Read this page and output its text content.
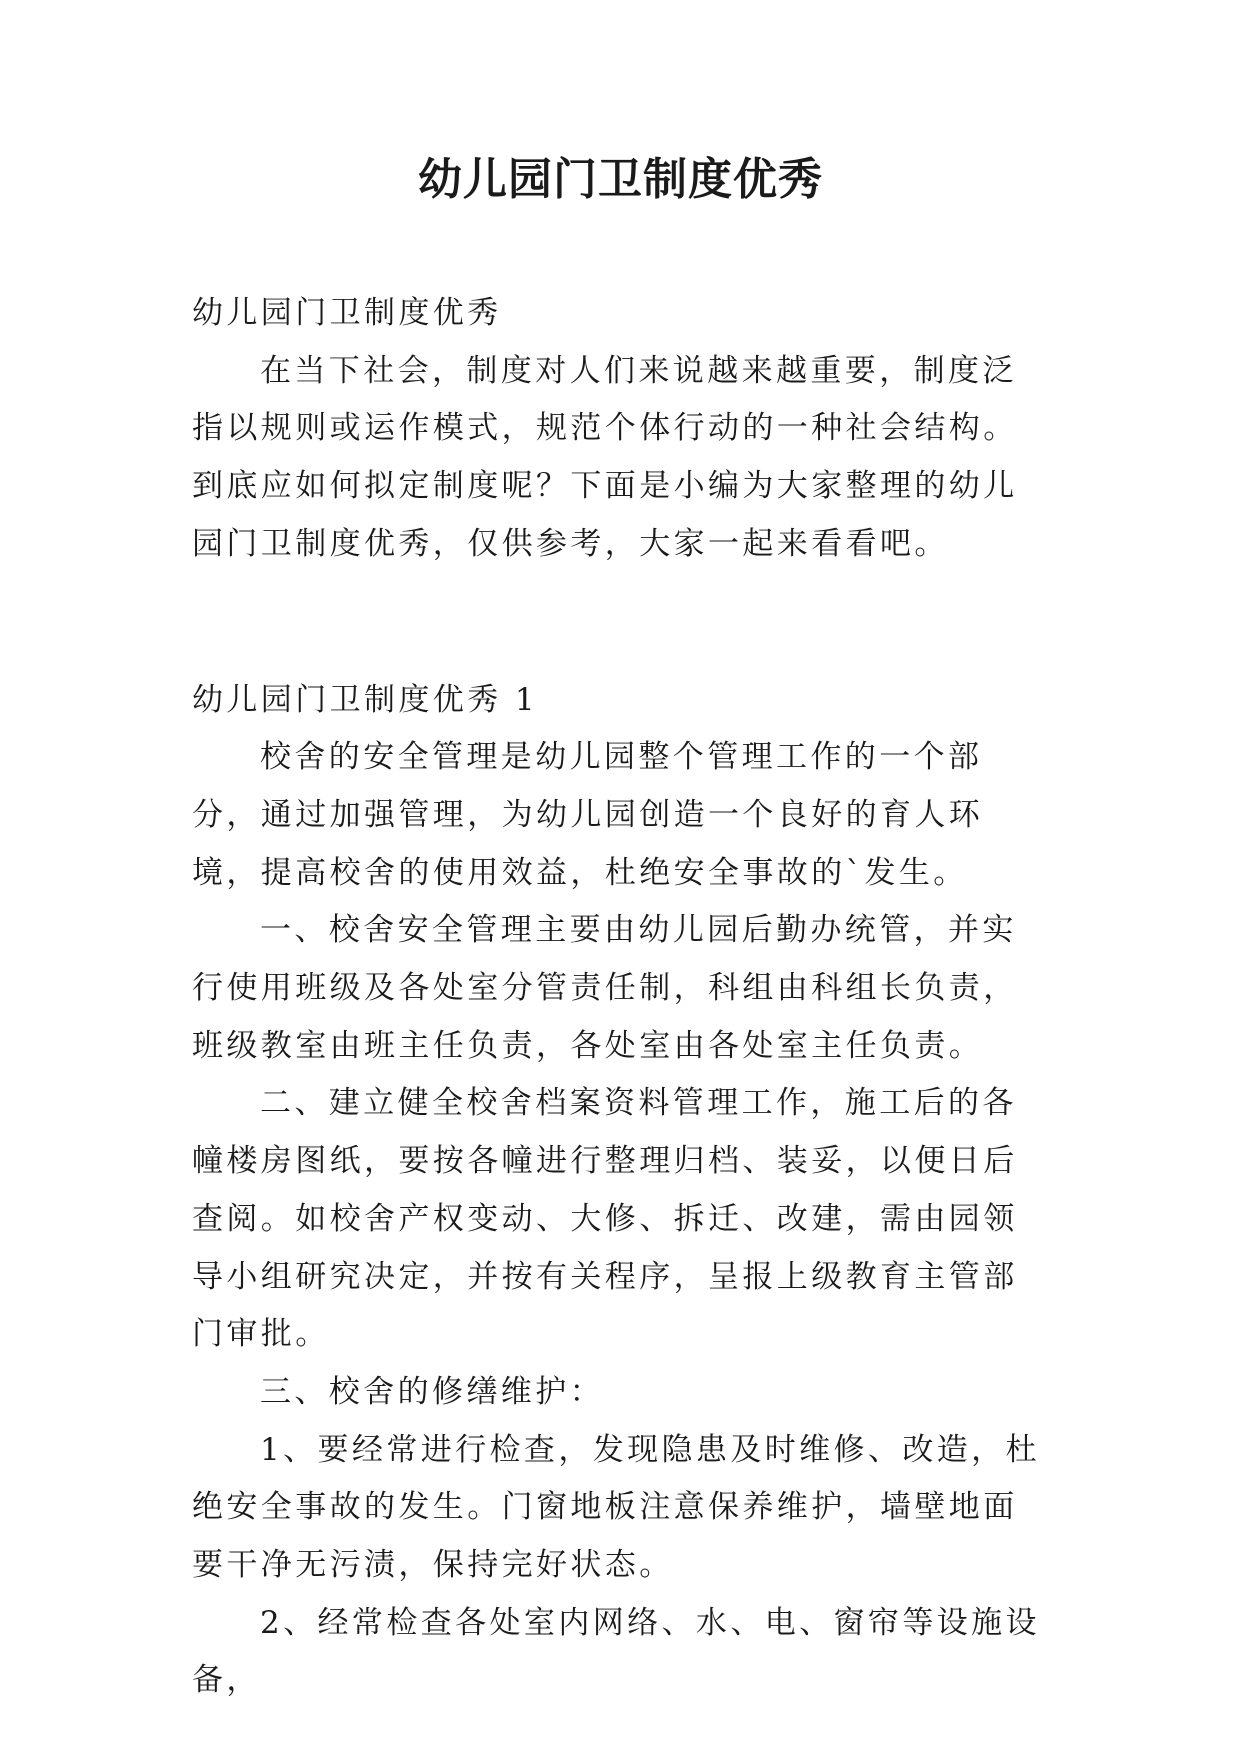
幼儿园门卫制度优秀

幼儿园门卫制度优秀

在当下社会，制度对人们来说越来越重要，制度泛指以规则或运作模式，规范个体行动的一种社会结构。到底应如何拟定制度呢？下面是小编为大家整理的幼儿园门卫制度优秀，仅供参考，大家一起来看看吧。

幼儿园门卫制度优秀 1

校舍的安全管理是幼儿园整个管理工作的一个部分，通过加强管理，为幼儿园创造一个良好的育人环境，提高校舍的使用效益，杜绝安全事故的`发生。

一、校舍安全管理主要由幼儿园后勤办统管，并实行使用班级及各处室分管责任制，科组由科组长负责，班级教室由班主任负责，各处室由各处室主任负责。

二、建立健全校舍档案资料管理工作，施工后的各幢楼房图纸，要按各幢进行整理归档、装妥，以便日后查阅。如校舍产权变动、大修、拆迁、改建，需由园领导小组研究决定，并按有关程序，呈报上级教育主管部门审批。

三、校舍的修缮维护：

1、要经常进行检查，发现隐患及时维修、改造，杜绝安全事故的发生。门窗地板注意保养维护，墙壁地面要干净无污渍，保持完好状态。

2、经常检查各处室内网络、水、电、窗帘等设施设备，
